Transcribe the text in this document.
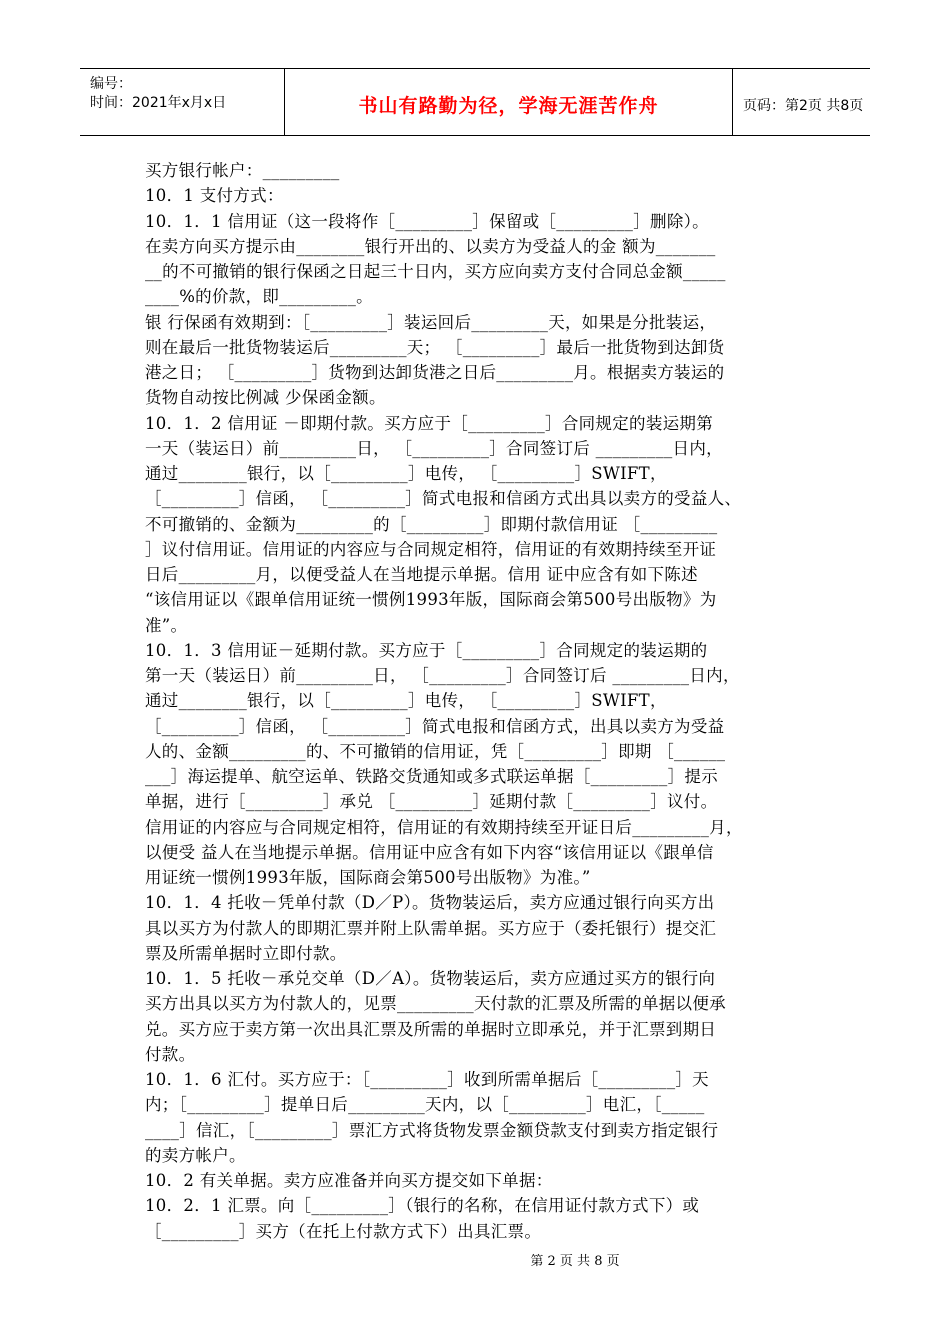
编号：
时间：2021年x月x日	书山有路勤为径，学海无涯苦作舟	页码：第2页 共8页

买方银行帐户：_________

10．1 支付方式：

10．1．1 信用证（这一段将作［_________］保留或［_________］删除）。

在卖方向买方提示由________银行开出的、以卖方为受益人的金 额为_______

__的不可撤销的银行保函之日起三十日内，买方应向卖方支付合同总金额_____

____%的价款，即_________。

银 行保函有效期到：［_________］装运回后_________天，如果是分批装运，

则在最后一批货物装运后_________天； ［_________］最后一批货物到达卸货

港之日； ［_________］货物到达卸货港之日后_________月。根据卖方装运的

货物自动按比例减 少保函金额。

10．1．2 信用证 －即期付款。买方应于［_________］合同规定的装运期第

一天（装运日）前_________日， ［_________］合同签订后 _________日内，

通过________银行，以［_________］电传， ［_________］SWIFT，

［_________］信函， ［_________］简式电报和信函方式出具以卖方的受益人、

不可撤销的、金额为_________的［_________］即期付款信用证 ［_________

］议付信用证。信用证的内容应与合同规定相符，信用证的有效期持续至开证

日后_________月，以便受益人在当地提示单据。信用 证中应含有如下陈述

“该信用证以《跟单信用证统一惯例1993年版，国际商会第500号出版物》为

准”。

10．1．3 信用证－延期付款。买方应于［_________］合同规定的装运期的

第一天（装运日）前_________日， ［_________］合同签订后 _________日内，

通过________银行，以［_________］电传， ［_________］SWIFT，

［_________］信函， ［_________］简式电报和信函方式，出具以卖方为受益

人的、金额_________的、不可撤销的信用证，凭［_________］即期 ［______

___］海运提单、航空运单、铁路交货通知或多式联运单据［_________］提示

单据，进行［_________］承兑 ［_________］延期付款［_________］议付。

信用证的内容应与合同规定相符，信用证的有效期持续至开证日后_________月，

以便受 益人在当地提示单据。信用证中应含有如下内容“该信用证以《跟单信

用证统一惯例1993年版，国际商会第500号出版物》为准。”

10．1．4 托收－凭单付款（D／P）。货物装运后，卖方应通过银行向买方出

具以买方为付款人的即期汇票并附上队需单据。买方应于（委托银行）提交汇

票及所需单据时立即付款。

10．1．5 托收－承兑交单（D／A）。货物装运后，卖方应通过买方的银行向

买方出具以买方为付款人的，见票_________天付款的汇票及所需的单据以便承

兑。买方应于卖方第一次出具汇票及所需的单据时立即承兑，并于汇票到期日

付款。

10．1．6 汇付。买方应于：［_________］收到所需单据后［_________］天

内；［_________］提单日后_________天内，以［_________］电汇，［_____

____］信汇，［_________］票汇方式将货物发票金额贷款支付到卖方指定银行

的卖方帐户。

10．2 有关单据。卖方应准备并向买方提交如下单据：

10．2．1 汇票。向［_________］（银行的名称，在信用证付款方式下）或

［_________］买方（在托上付款方式下）出具汇票。

第 2 页 共 8 页
